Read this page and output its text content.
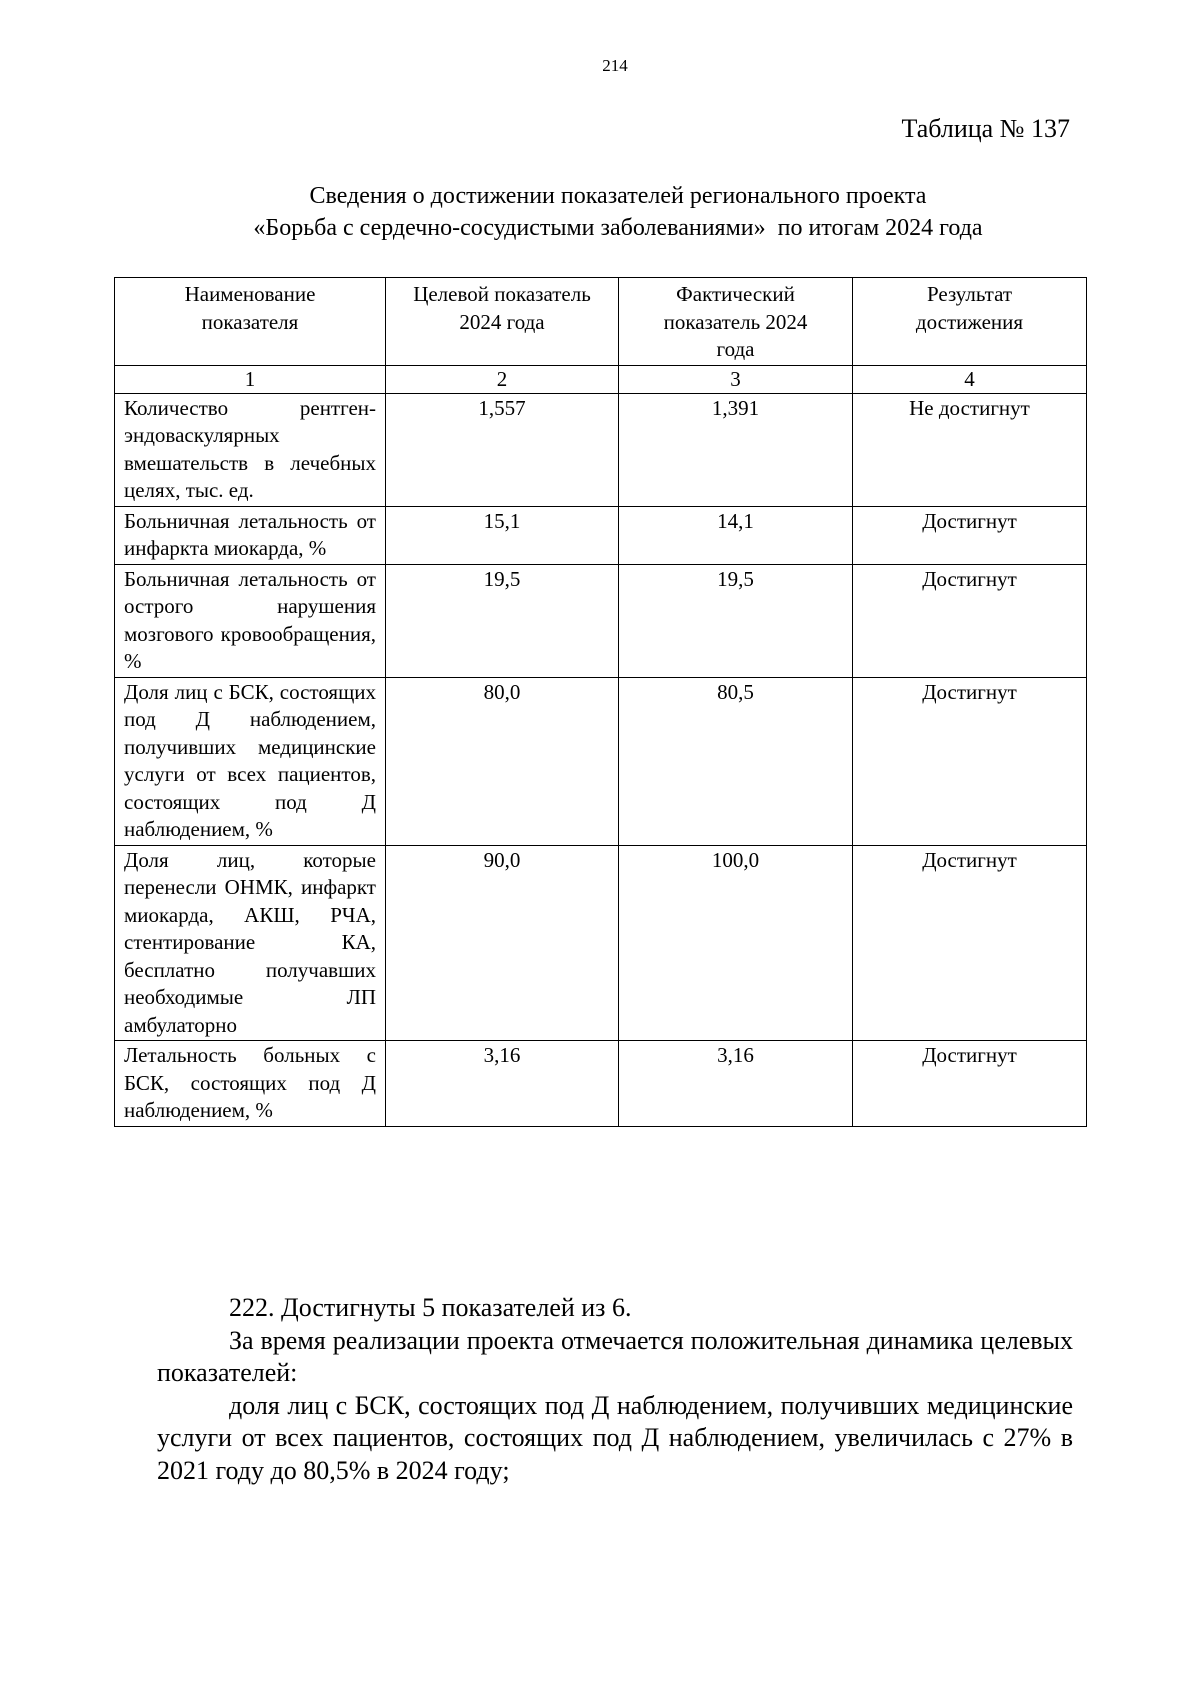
214
Таблица № 137
Сведения о достижении показателей регионального проекта
«Борьба с сердечно-сосудистыми заболеваниями»  по итогам 2024 года
Наименование показателя	Целевой показатель 2024 года	Фактический показатель 2024 года	Результат достижения
1	2	3	4
Количество рентген-эндоваскулярных вмешательств в лечебных целях, тыс. ед.	1,557	1,391	Не достигнут
Больничная летальность от инфаркта миокарда, %	15,1	14,1	Достигнут
Больничная летальность от острого нарушения мозгового кровообращения, %	19,5	19,5	Достигнут
Доля лиц с БСК, состоящих под Д наблюдением, получивших медицинские услуги от всех пациентов, состоящих под Д наблюдением, %	80,0	80,5	Достигнут
Доля лиц, которые перенесли ОНМК, инфаркт миокарда, АКШ, РЧА, стентирование КА, бесплатно получавших необходимые ЛП амбулаторно	90,0	100,0	Достигнут
Летальность больных с БСК, состоящих под Д наблюдением, %	3,16	3,16	Достигнут

222. Достигнуты 5 показателей из 6.

За время реализации проекта отмечается положительная динамика целевых показателей:

доля лиц с БСК, состоящих под Д наблюдением, получивших медицинские услуги от всех пациентов, состоящих под Д наблюдением, увеличилась с 27% в 2021 году до 80,5% в 2024 году;
